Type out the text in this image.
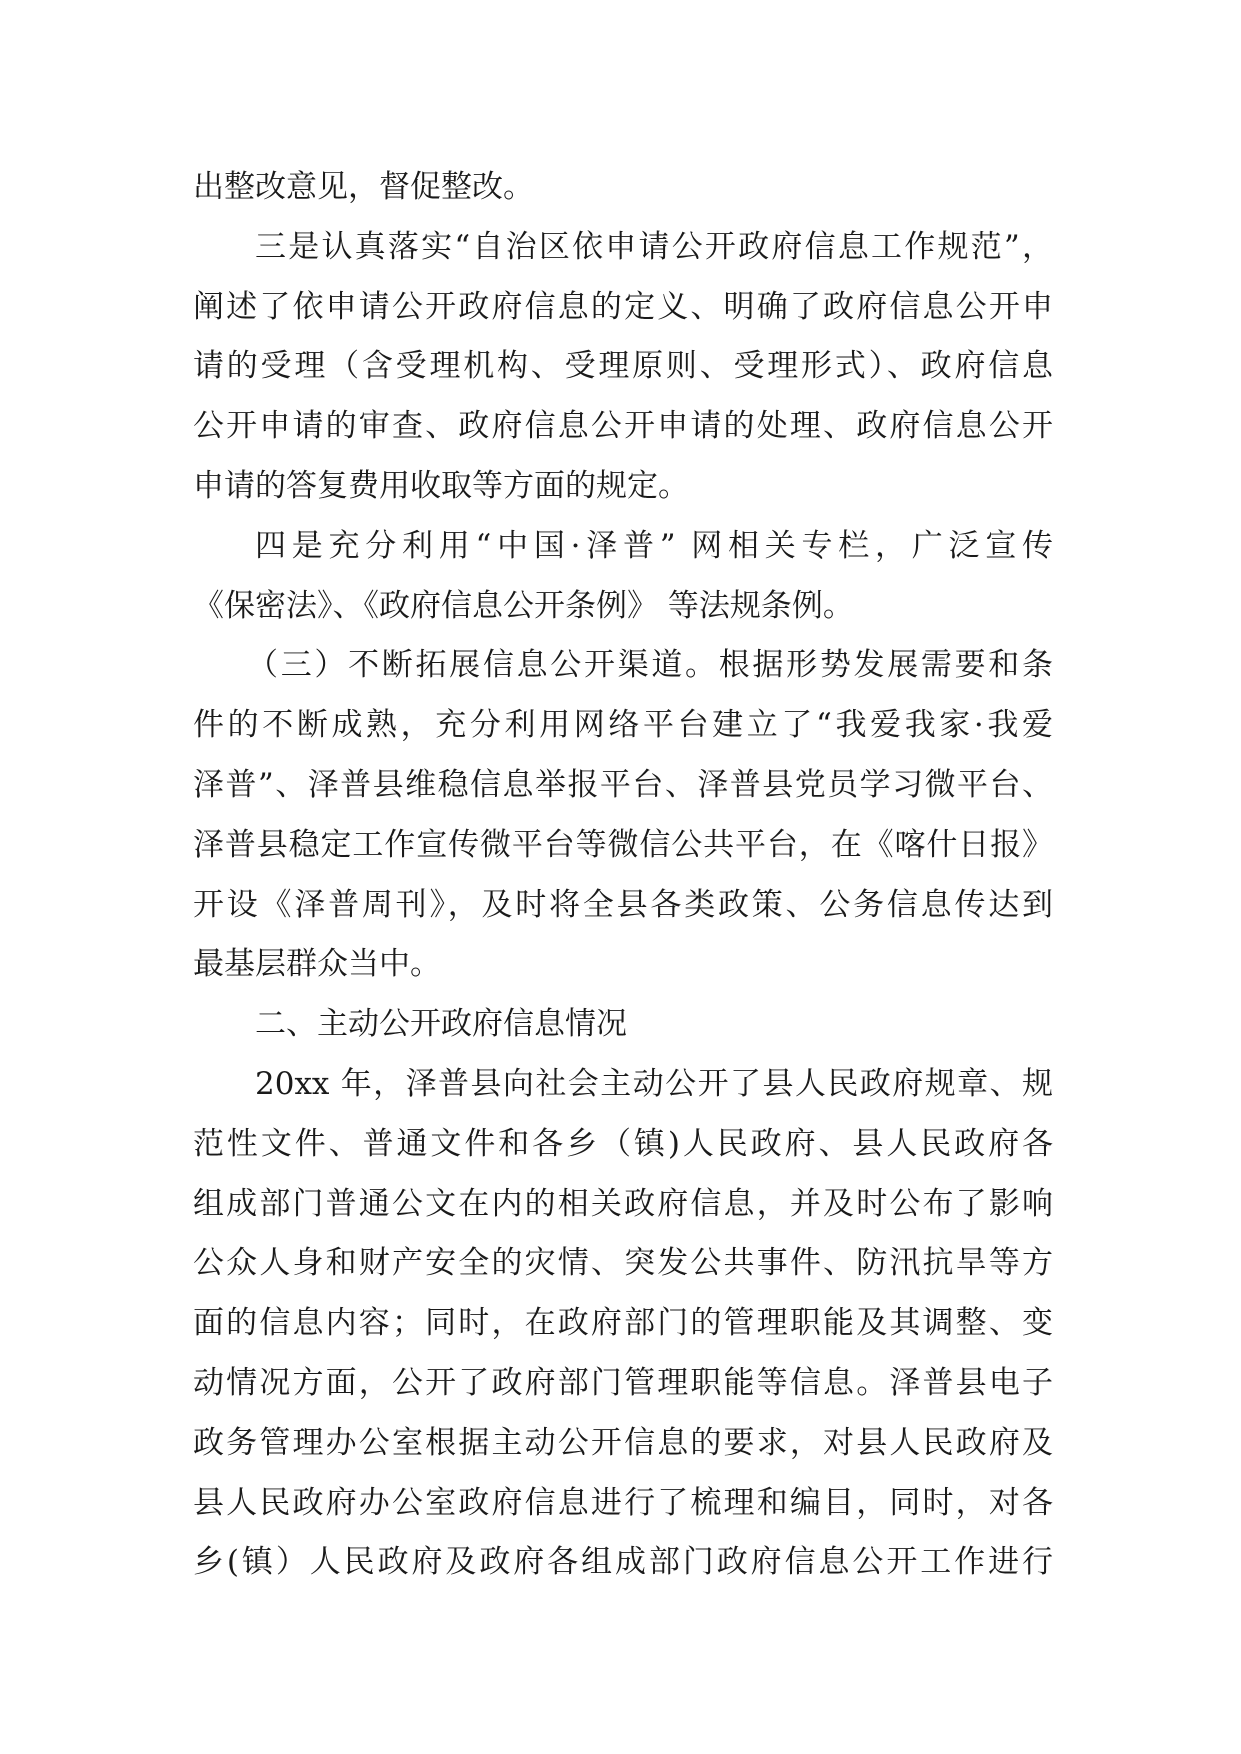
出整改意见，督促整改。
三是认真落实“自治区依申请公开政府信息工作规范”，
阐述了依申请公开政府信息的定义、明确了政府信息公开申
请的受理（含受理机构、受理原则、受理形式）、政府信息
公开申请的审查、政府信息公开申请的处理、政府信息公开
申请的答复费用收取等方面的规定。
四是充分利用“中国·泽普” 网相关专栏，广泛宣传
《保密法》、《政府信息公开条例》 等法规条例。
（三）不断拓展信息公开渠道。根据形势发展需要和条
件的不断成熟，充分利用网络平台建立了“我爱我家·我爱
泽普”、泽普县维稳信息举报平台、泽普县党员学习微平台、
泽普县稳定工作宣传微平台等微信公共平台，在《喀什日报》
开设《泽普周刊》，及时将全县各类政策、公务信息传达到
最基层群众当中。
二、主动公开政府信息情况
20xx 年，泽普县向社会主动公开了县人民政府规章、规
范性文件、普通文件和各乡（镇)人民政府、县人民政府各
组成部门普通公文在内的相关政府信息，并及时公布了影响
公众人身和财产安全的灾情、突发公共事件、防汛抗旱等方
面的信息内容；同时，在政府部门的管理职能及其调整、变
动情况方面，公开了政府部门管理职能等信息。泽普县电子
政务管理办公室根据主动公开信息的要求，对县人民政府及
县人民政府办公室政府信息进行了梳理和编目，同时，对各
乡(镇）人民政府及政府各组成部门政府信息公开工作进行
